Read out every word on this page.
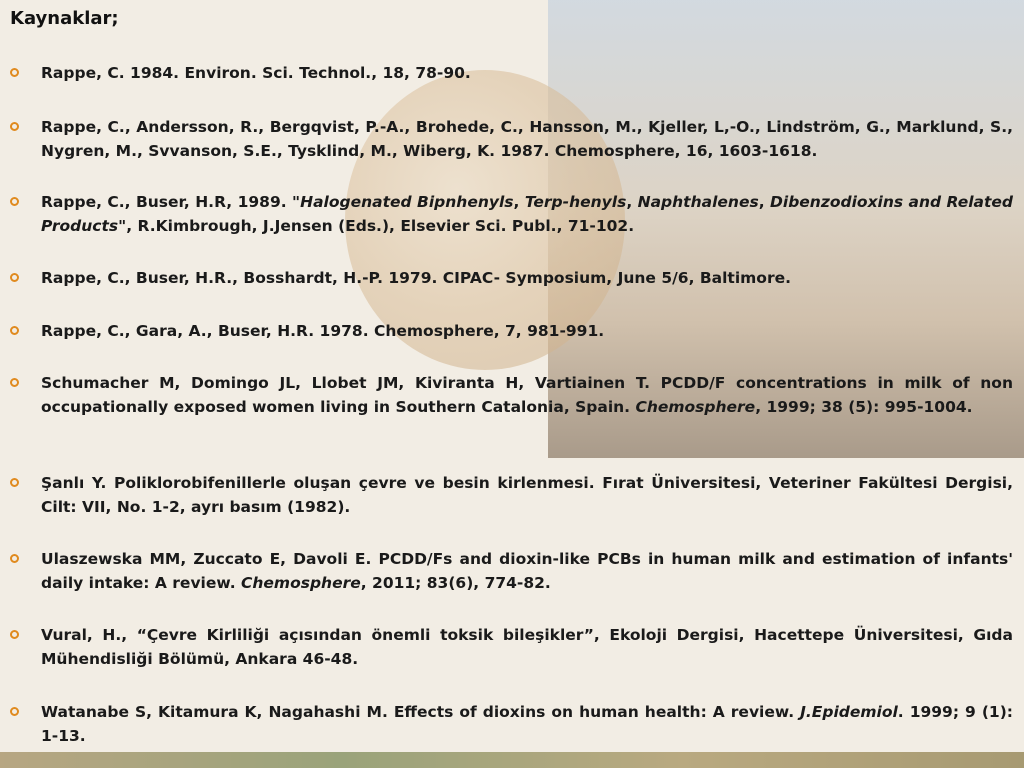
Kaynaklar;
Rappe, C. 1984. Environ. Sci. Technol., 18, 78-90.
Rappe, C., Andersson, R., Bergqvist, P.-A., Brohede, C., Hansson, M., Kjeller, L,-O., Lindström, G., Marklund, S., Nygren, M., Svvanson, S.E., Tysklind, M., Wiberg, K. 1987. Chemosphere, 16, 1603-1618.
Rappe, C., Buser, H.R, 1989. "Halogenated Bipnhenyls, Terp-henyls, Naphthalenes, Dibenzodioxins and Related Products", R.Kimbrough, J.Jensen (Eds.), Elsevier Sci. Publ., 71-102.
Rappe, C., Buser, H.R., Bosshardt, H.-P. 1979. CIPAC- Symposium, June 5/6, Baltimore.
Rappe, C., Gara, A., Buser, H.R. 1978. Chemosphere, 7, 981-991.
Schumacher M, Domingo JL, Llobet JM, Kiviranta H, Vartiainen T. PCDD/F concentrations in milk of non occupationally exposed women living in Southern Catalonia, Spain. Chemosphere, 1999; 38 (5): 995-1004.
Şanlı Y. Poliklorobifenillerle oluşan çevre ve besin kirlenmesi. Fırat Üniversitesi, Veteriner Fakültesi Dergisi, Cilt: VII, No. 1-2, ayrı basım (1982).
Ulaszewska MM, Zuccato E, Davoli E. PCDD/Fs and dioxin-like PCBs in human milk and estimation of infants' daily intake: A review. Chemosphere, 2011; 83(6), 774-82.
Vural, H., “Çevre Kirliliği açısından önemli toksik bileşikler”, Ekoloji Dergisi, Hacettepe Üniversitesi, Gıda Mühendisliği Bölümü, Ankara 46-48.
Watanabe S, Kitamura K, Nagahashi M. Effects of dioxins on human health: A review. J.Epidemiol. 1999; 9 (1): 1-13.
